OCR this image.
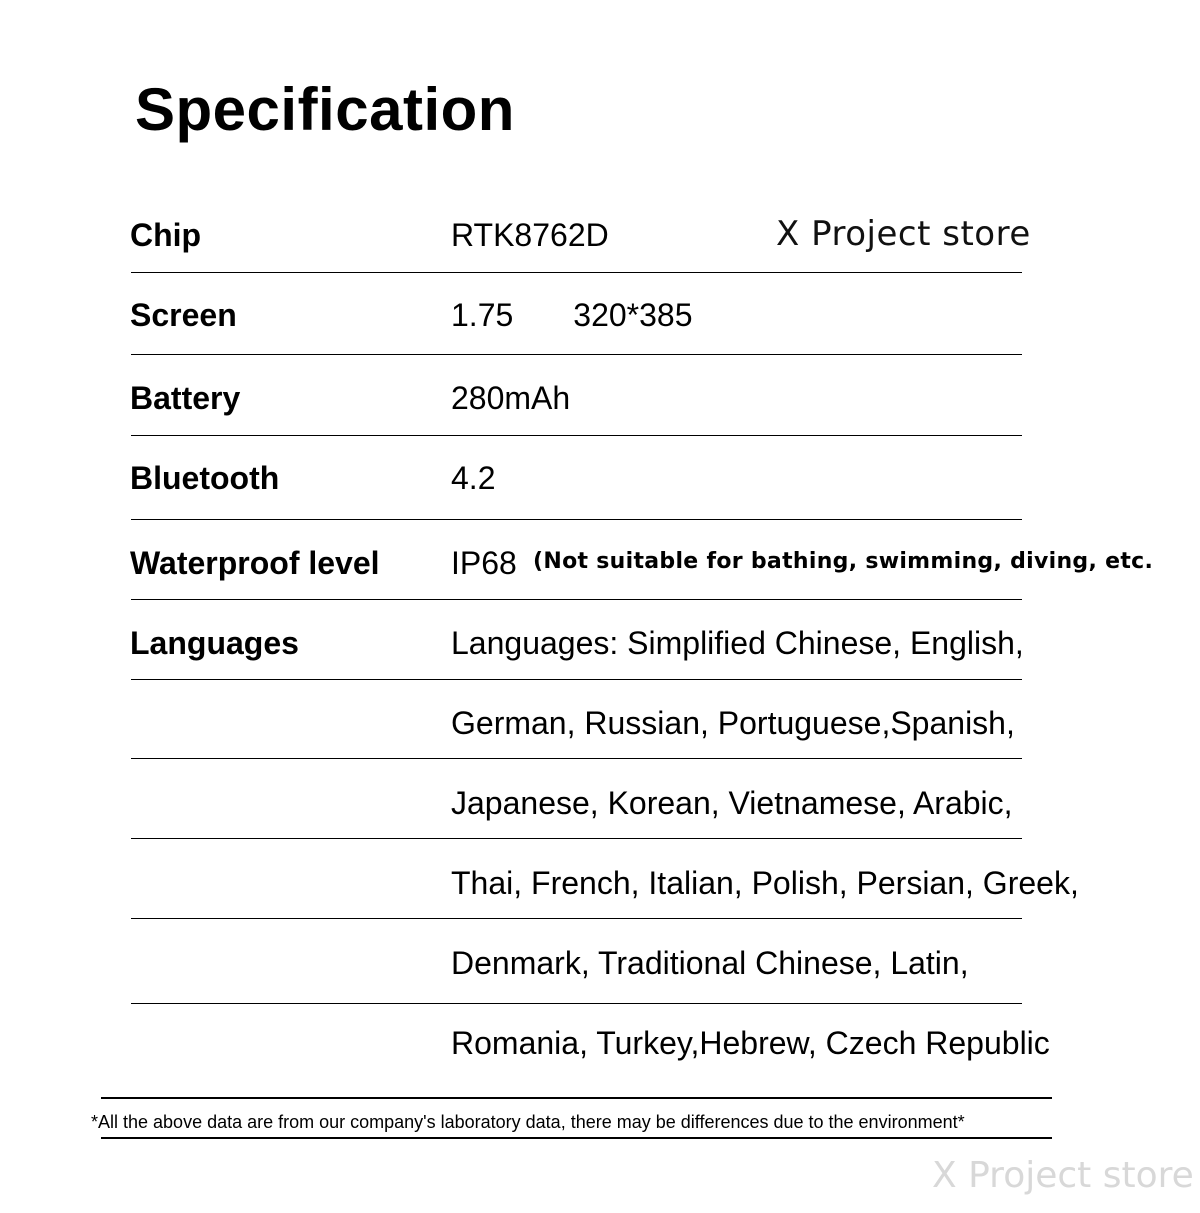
Specification
Chip	RTK8762D	X Project store
Screen	1.75 320*385
Battery	280mAh
Bluetooth	4.2
Waterproof level IP68 (Not suitable for bathing, swimming, diving, etc.
Languages	Languages: Simplified Chinese, English,
German, Russian, Portuguese,Spanish,
Japanese, Korean, Vietnamese, Arabic,
Thai, French, Italian, Polish, Persian, Greek,
Denmark, Traditional Chinese, Latin,
Romania, Turkey,Hebrew, Czech Republic
*All the above data are from our company's laboratory data, there may be differences due to the environment*
X Project store
